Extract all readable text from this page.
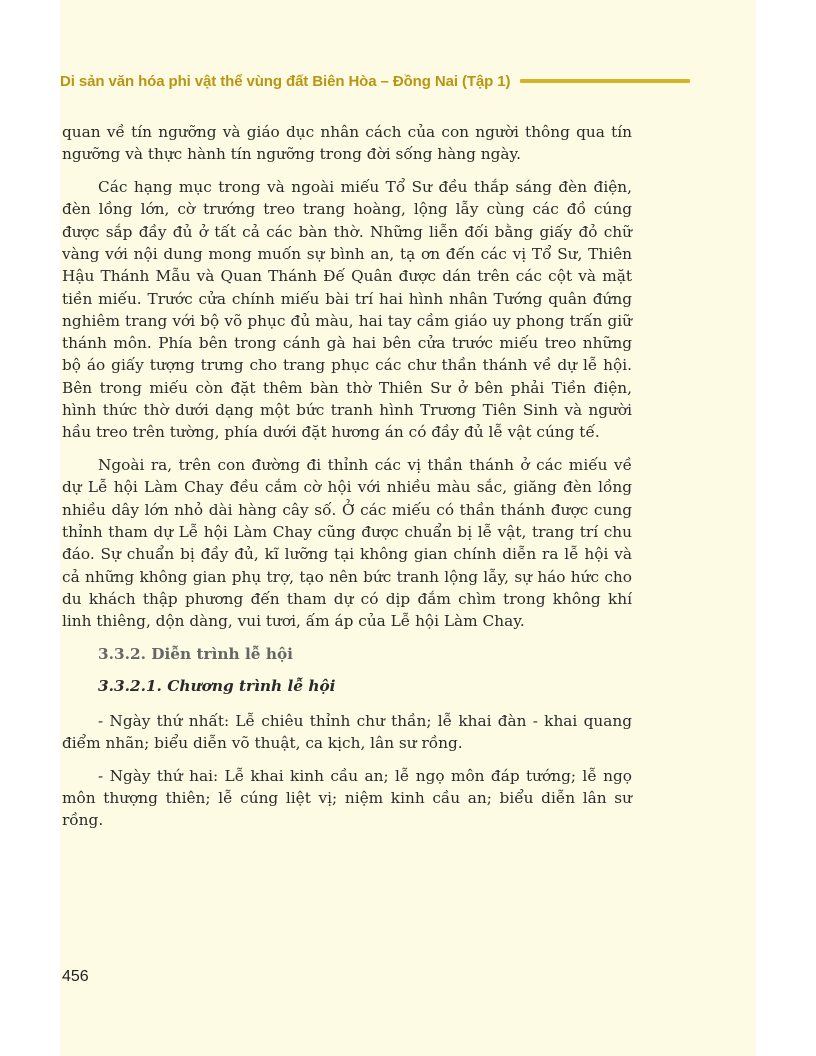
Di sản văn hóa phi vật thể vùng đất Biên Hòa – Đồng Nai (Tập 1)

quan về tín ngưỡng và giáo dục nhân cách của con người thông qua tín ngưỡng và thực hành tín ngưỡng trong đời sống hàng ngày.

Các hạng mục trong và ngoài miếu Tổ Sư đều thắp sáng đèn điện, đèn lồng lớn, cờ trướng treo trang hoàng, lộng lẫy cùng các đồ cúng được sắp đầy đủ ở tất cả các bàn thờ. Những liễn đối bằng giấy đỏ chữ vàng với nội dung mong muốn sự bình an, tạ ơn đến các vị Tổ Sư, Thiên Hậu Thánh Mẫu và Quan Thánh Đế Quân được dán trên các cột và mặt tiền miếu. Trước cửa chính miếu bài trí hai hình nhân Tướng quân đứng nghiêm trang với bộ võ phục đủ màu, hai tay cầm giáo uy phong trấn giữ thánh môn. Phía bên trong cánh gà hai bên cửa trước miếu treo những bộ áo giấy tượng trưng cho trang phục các chư thần thánh về dự lễ hội. Bên trong miếu còn đặt thêm bàn thờ Thiên Sư ở bên phải Tiền điện, hình thức thờ dưới dạng một bức tranh hình Trương Tiên Sinh và người hầu treo trên tường, phía dưới đặt hương án có đầy đủ lễ vật cúng tế.

Ngoài ra, trên con đường đi thỉnh các vị thần thánh ở các miếu về dự Lễ hội Làm Chay đều cắm cờ hội với nhiều màu sắc, giăng đèn lồng nhiều dây lớn nhỏ dài hàng cây số. Ở các miếu có thần thánh được cung thỉnh tham dự Lễ hội Làm Chay cũng được chuẩn bị lễ vật, trang trí chu đáo. Sự chuẩn bị đầy đủ, kĩ lưỡng tại không gian chính diễn ra lễ hội và cả những không gian phụ trợ, tạo nên bức tranh lộng lẫy, sự háo hức cho du khách thập phương đến tham dự có dịp đắm chìm trong không khí linh thiêng, dộn dàng, vui tươi, ấm áp của Lễ hội Làm Chay.

3.3.2. Diễn trình lễ hội
3.3.2.1. Chương trình lễ hội

- Ngày thứ nhất: Lễ chiêu thỉnh chư thần; lễ khai đàn - khai quang điểm nhãn; biểu diễn võ thuật, ca kịch, lân sư rồng.

- Ngày thứ hai: Lễ khai kinh cầu an; lễ ngọ môn đáp tướng; lễ ngọ môn thượng thiên; lễ cúng liệt vị; niệm kinh cầu an; biểu diễn lân sư rồng.

456
